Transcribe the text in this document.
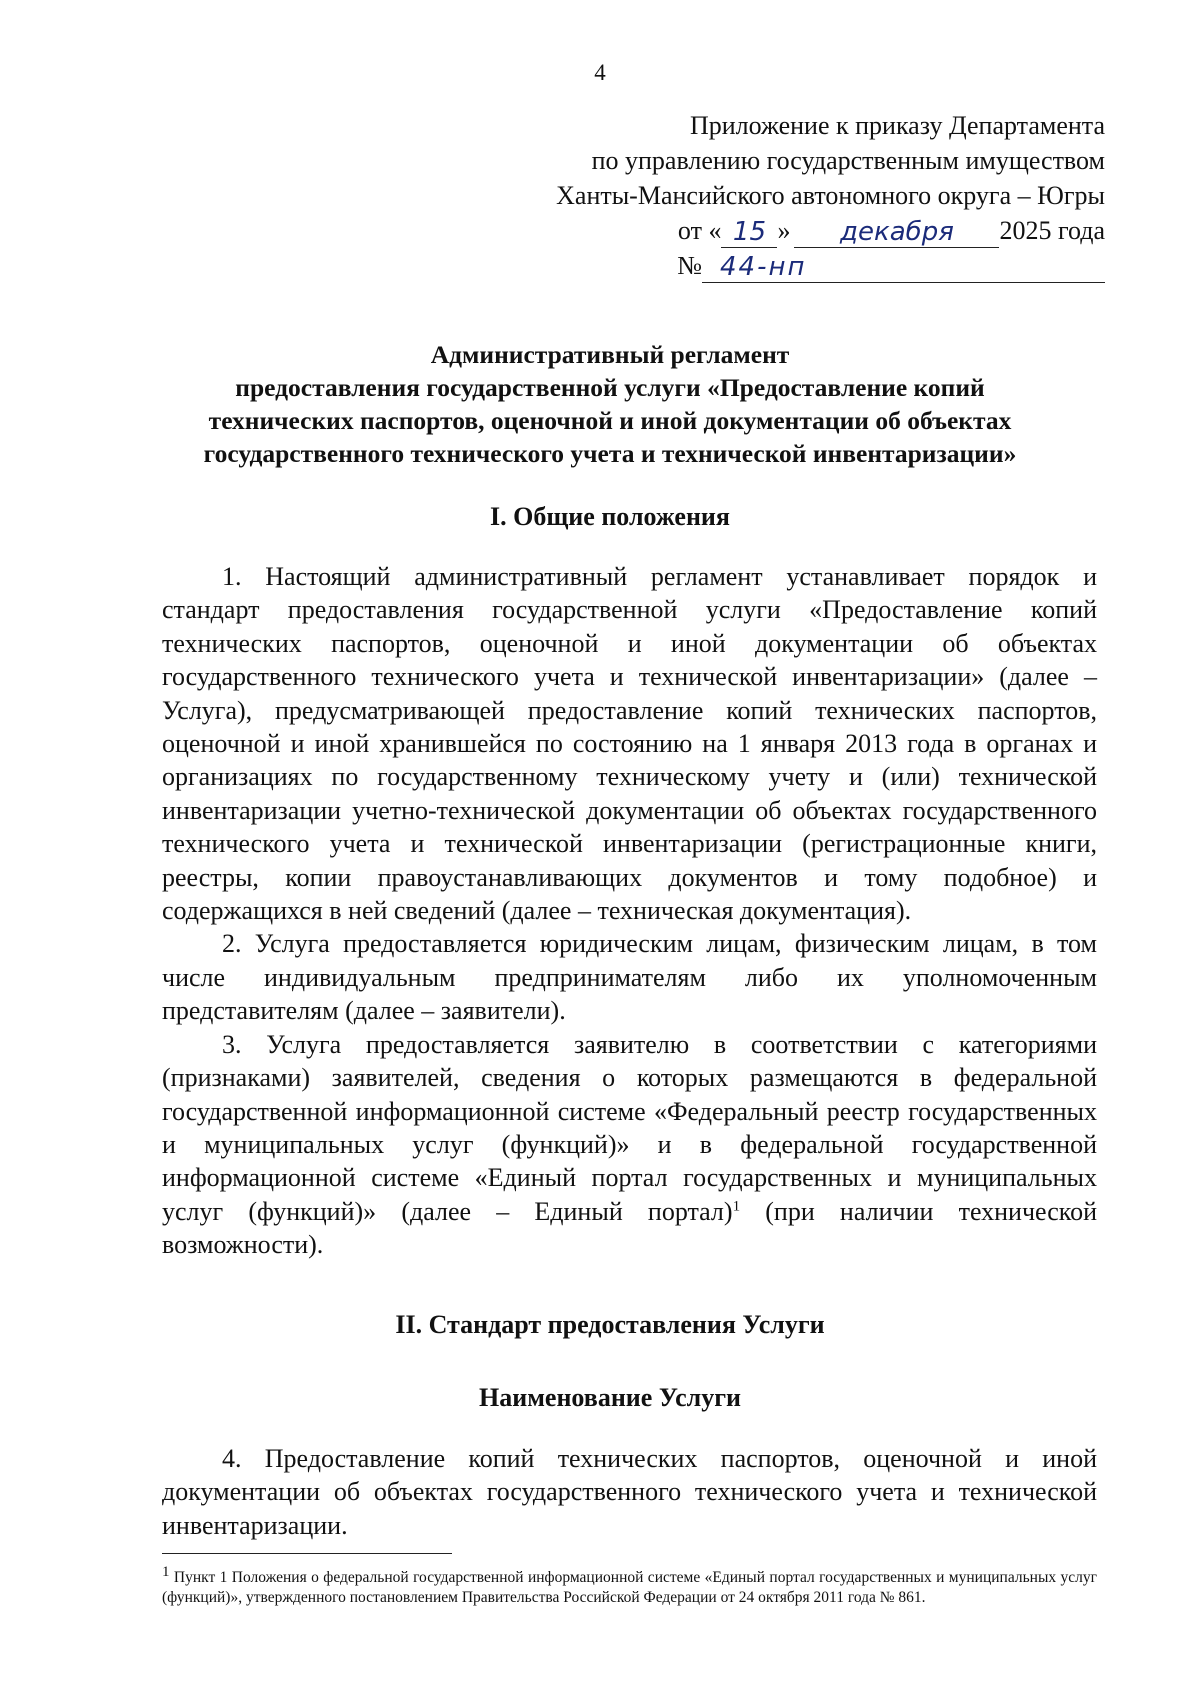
4
Приложение к приказу Департамента
по управлению государственным имуществом
Ханты-Мансийского автономного округа – Югры
от « 15 »	декабря	2025 года
№ 44-нп
Административный регламент
предоставления государственной услуги «Предоставление копий
технических паспортов, оценочной и иной документации об объектах
государственного технического учета и технической инвентаризации»
I. Общие положения

1. Настоящий административный регламент устанавливает порядок и стандарт предоставления государственной услуги «Предоставление копий технических паспортов, оценочной и иной документации об объектах государственного технического учета и технической инвентаризации» (далее – Услуга), предусматривающей предоставление копий технических паспортов, оценочной и иной хранившейся по состоянию на 1 января 2013 года в органах и организациях по государственному техническому учету и (или) технической инвентаризации учетно-технической документации об объектах государственного технического учета и технической инвентаризации (регистрационные книги, реестры, копии правоустанавливающих документов и тому подобное) и содержащихся в ней сведений (далее – техническая документация).

2. Услуга предоставляется юридическим лицам, физическим лицам, в том числе индивидуальным предпринимателям либо их уполномоченным представителям (далее – заявители).

3. Услуга предоставляется заявителю в соответствии с категориями (признаками) заявителей, сведения о которых размещаются в федеральной государственной информационной системе «Федеральный реестр государственных и муниципальных услуг (функций)» и в федеральной государственной информационной системе «Единый портал государственных и муниципальных услуг (функций)» (далее – Единый портал)$^1$ (при наличии технической возможности).

II. Стандарт предоставления Услуги
Наименование Услуги

4. Предоставление копий технических паспортов, оценочной и иной документации об объектах государственного технического учета и технической инвентаризации.

$^1$ Пункт 1 Положения о федеральной государственной информационной системе «Единый портал государственных и муниципальных услуг (функций)», утвержденного постановлением Правительства Российской Федерации от 24 октября 2011 года № 861.
